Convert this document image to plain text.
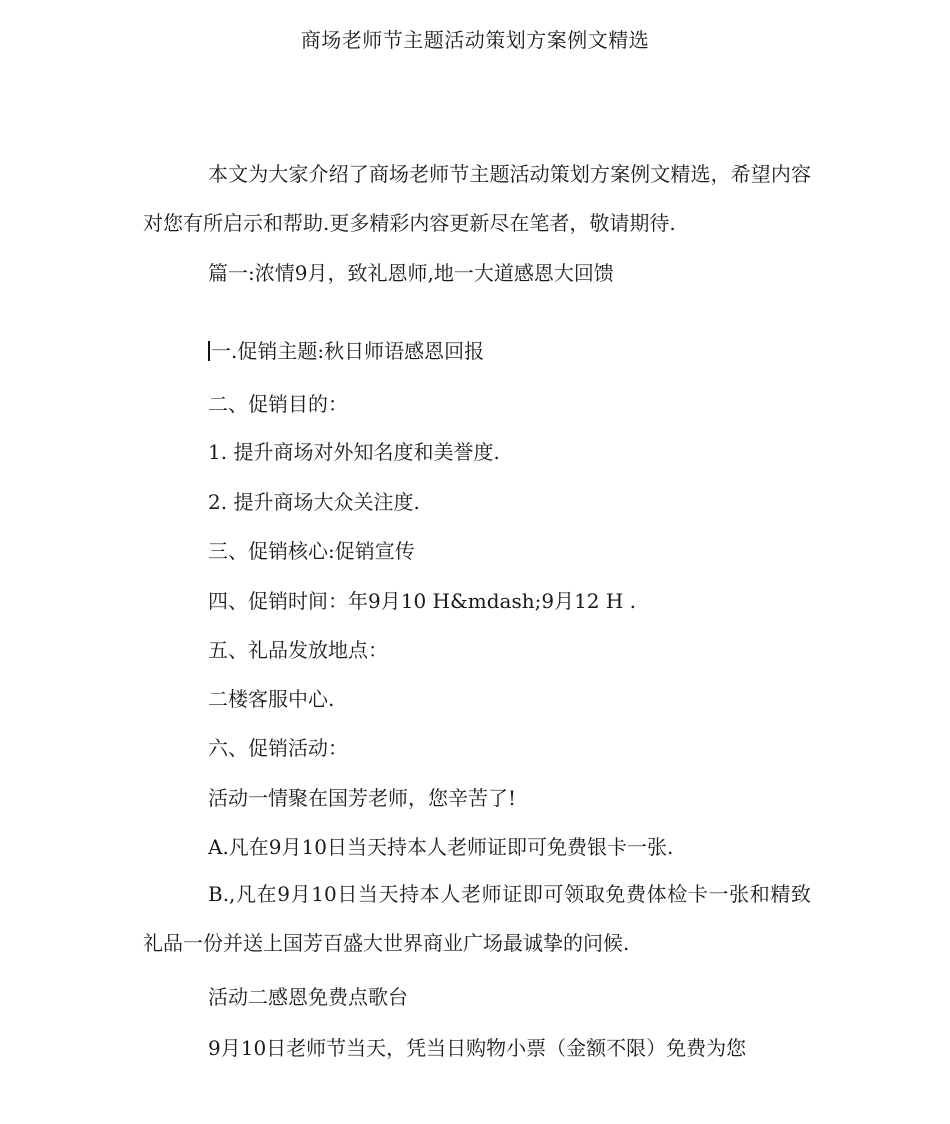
商场老师节主题活动策划方案例文精选
本文为大家介绍了商场老师节主题活动策划方案例文精选，希望内容对您有所启示和帮助.更多精彩内容更新尽在笔者，敬请期待.
篇一:浓情9月，致礼恩师,地一大道感恩大回馈
一.促销主题:秋日师语感恩回报
二、促销目的：
1. 提升商场对外知名度和美誉度.
2. 提升商场大众关注度.
三、促销核心:促销宣传
四、促销时间：年9月10 H&mdash;9月12 H .
五、礼品发放地点：
二楼客服中心.
六、促销活动：
活动一情聚在国芳老师，您辛苦了!
A.凡在9月10日当天持本人老师证即可免费银卡一张.
B.,凡在9月10日当天持本人老师证即可领取免费体检卡一张和精致礼品一份并送上国芳百盛大世界商业广场最诚挚的问候.
活动二感恩免费点歌台
9月10日老师节当天，凭当日购物小票（金额不限）免费为您
